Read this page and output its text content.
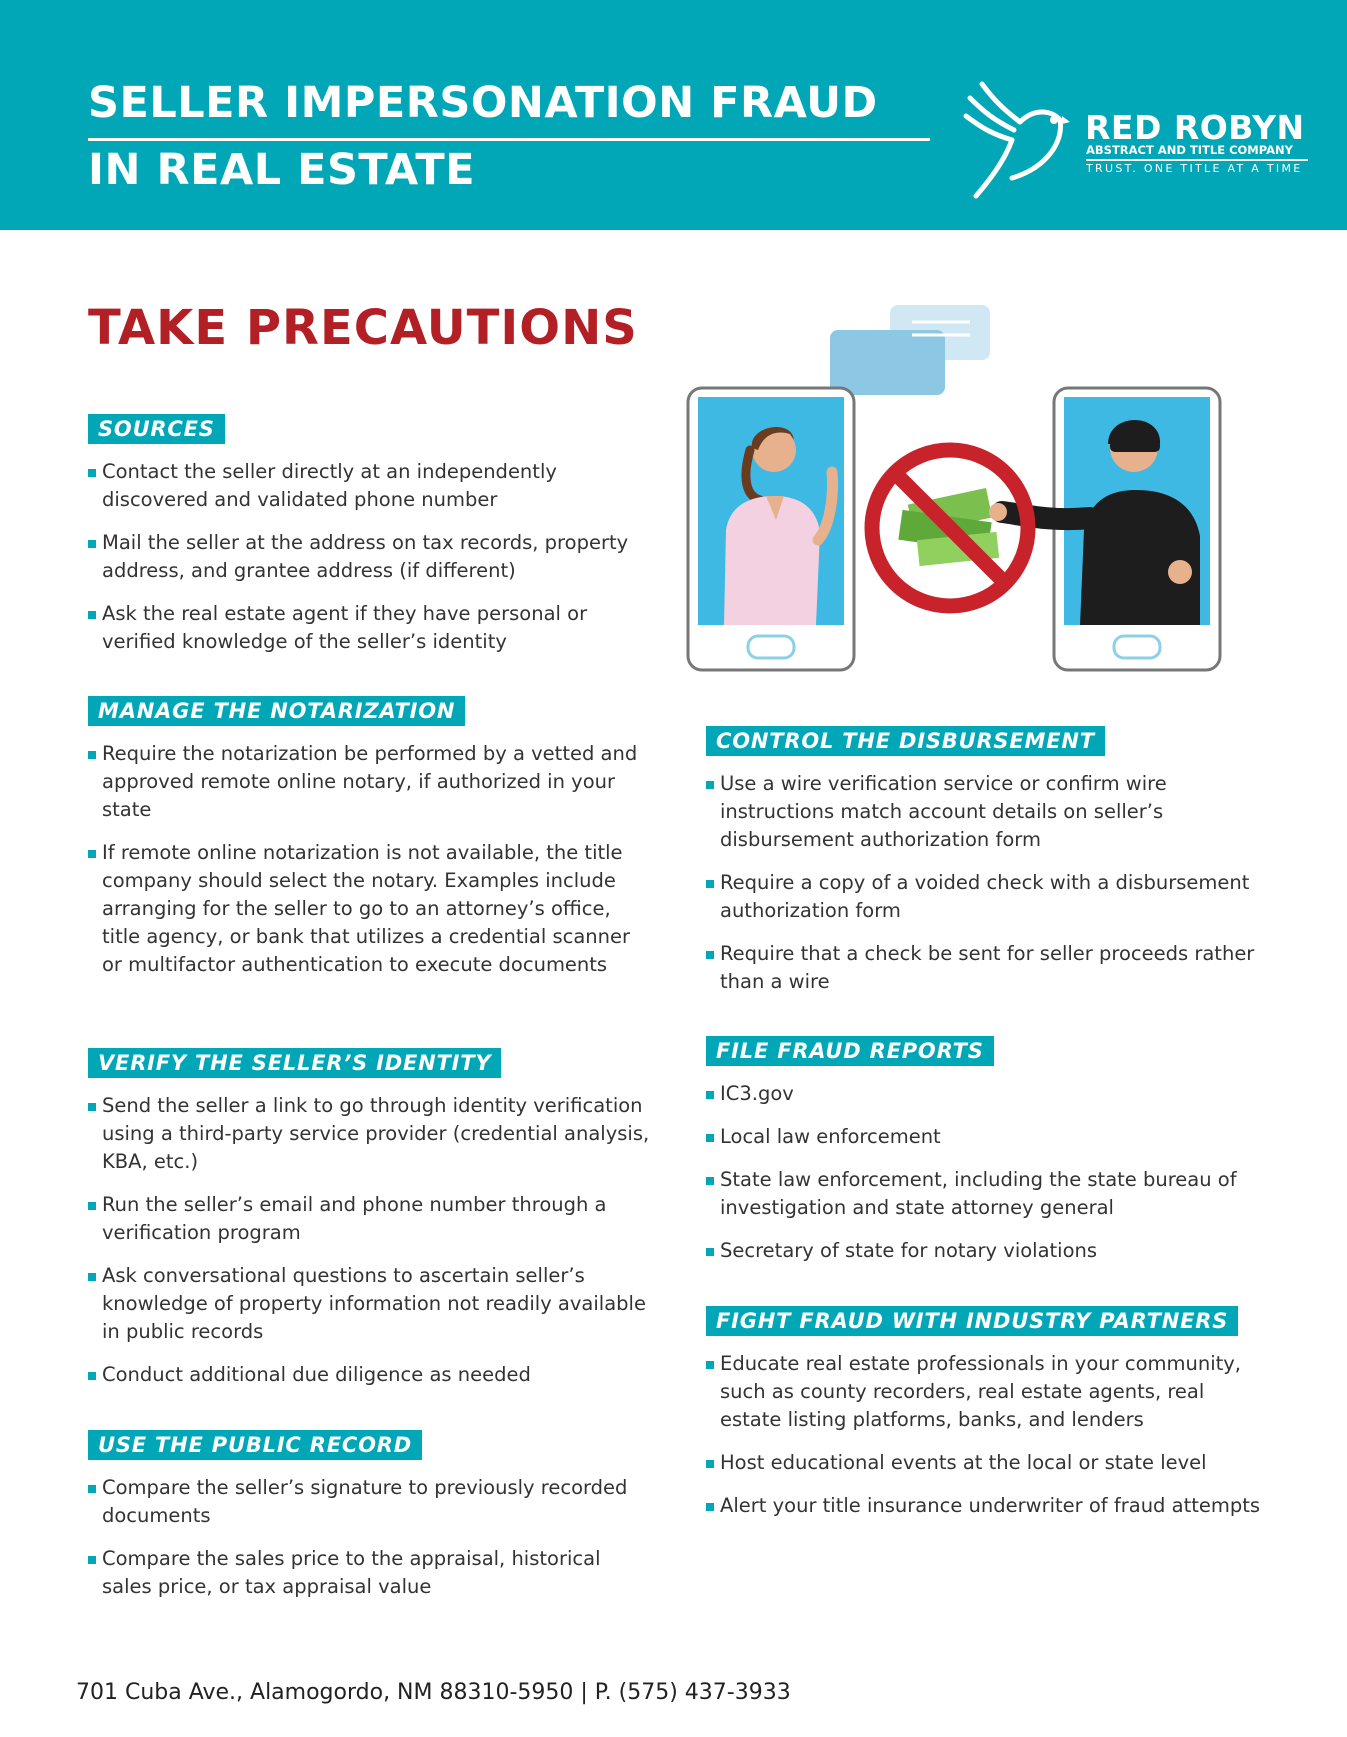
SELLER IMPERSONATION FRAUD
IN REAL ESTATE
RED ROBYN
ABSTRACT AND TITLE COMPANY
TRUST. ONE TITLE AT A TIME
TAKE PRECAUTIONS
SOURCES
Contact the seller directly at an independently discovered and validated phone number
Mail the seller at the address on tax records, property address, and grantee address (if different)
Ask the real estate agent if they have personal or verified knowledge of the seller’s identity
MANAGE THE NOTARIZATION
Require the notarization be performed by a vetted and approved remote online notary, if authorized in your state
If remote online notarization is not available, the title company should select the notary. Examples include arranging for the seller to go to an attorney’s office, title agency, or bank that utilizes a credential scanner or multifactor authentication to execute documents
VERIFY THE SELLER’S IDENTITY
Send the seller a link to go through identity verification using a third-party service provider (credential analysis, KBA, etc.)
Run the seller’s email and phone number through a verification program
Ask conversational questions to ascertain seller’s knowledge of property information not readily available in public records
Conduct additional due diligence as needed
USE THE PUBLIC RECORD
Compare the seller’s signature to previously recorded documents
Compare the sales price to the appraisal, historical sales price, or tax appraisal value
CONTROL THE DISBURSEMENT
Use a wire verification service or confirm wire instructions match account details on seller’s disbursement authorization form
Require a copy of a voided check with a disbursement authorization form
Require that a check be sent for seller proceeds rather than a wire
FILE FRAUD REPORTS
IC3.gov
Local law enforcement
State law enforcement, including the state bureau of investigation and state attorney general
Secretary of state for notary violations
FIGHT FRAUD WITH INDUSTRY PARTNERS
Educate real estate professionals in your community, such as county recorders, real estate agents, real estate listing platforms, banks, and lenders
Host educational events at the local or state level
Alert your title insurance underwriter of fraud attempts
701 Cuba Ave., Alamogordo, NM 88310-5950 | P. (575) 437-3933
